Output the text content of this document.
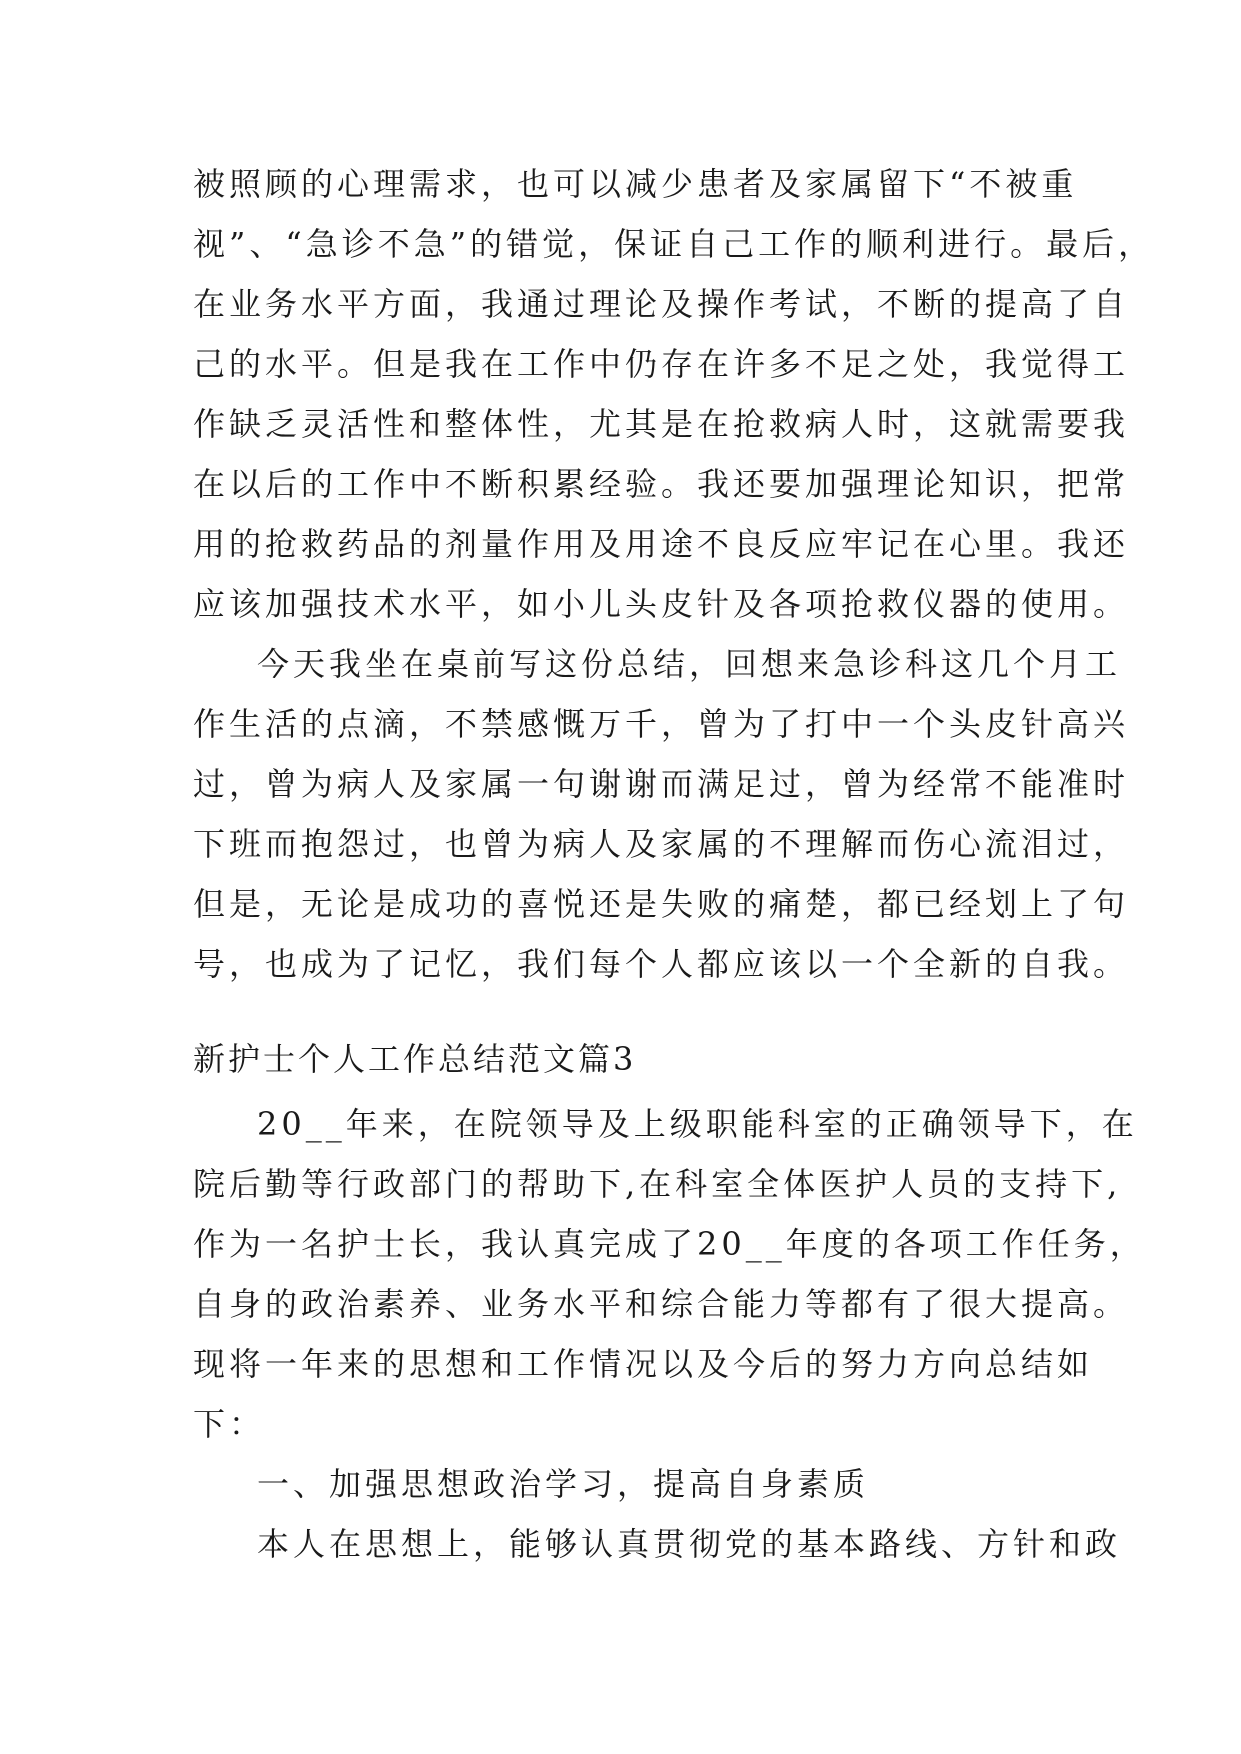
被照顾的心理需求，也可以减少患者及家属留下“不被重
视”、“急诊不急”的错觉，保证自己工作的顺利进行。最后，
在业务水平方面，我通过理论及操作考试，不断的提高了自
己的水平。但是我在工作中仍存在许多不足之处，我觉得工
作缺乏灵活性和整体性，尤其是在抢救病人时，这就需要我
在以后的工作中不断积累经验。我还要加强理论知识，把常
用的抢救药品的剂量作用及用途不良反应牢记在心里。我还
应该加强技术水平，如小儿头皮针及各项抢救仪器的使用。
今天我坐在桌前写这份总结，回想来急诊科这几个月工
作生活的点滴，不禁感慨万千，曾为了打中一个头皮针高兴
过，曾为病人及家属一句谢谢而满足过，曾为经常不能准时
下班而抱怨过，也曾为病人及家属的不理解而伤心流泪过，
但是，无论是成功的喜悦还是失败的痛楚，都已经划上了句
号，也成为了记忆，我们每个人都应该以一个全新的自我。
新护士个人工作总结范文篇3
20__年来，在院领导及上级职能科室的正确领导下，在
院后勤等行政部门的帮助下,在科室全体医护人员的支持下,
作为一名护士长，我认真完成了20__年度的各项工作任务，
自身的政治素养、业务水平和综合能力等都有了很大提高。
现将一年来的思想和工作情况以及今后的努力方向总结如
下：
一、加强思想政治学习，提高自身素质
本人在思想上，能够认真贯彻党的基本路线、方针和政
